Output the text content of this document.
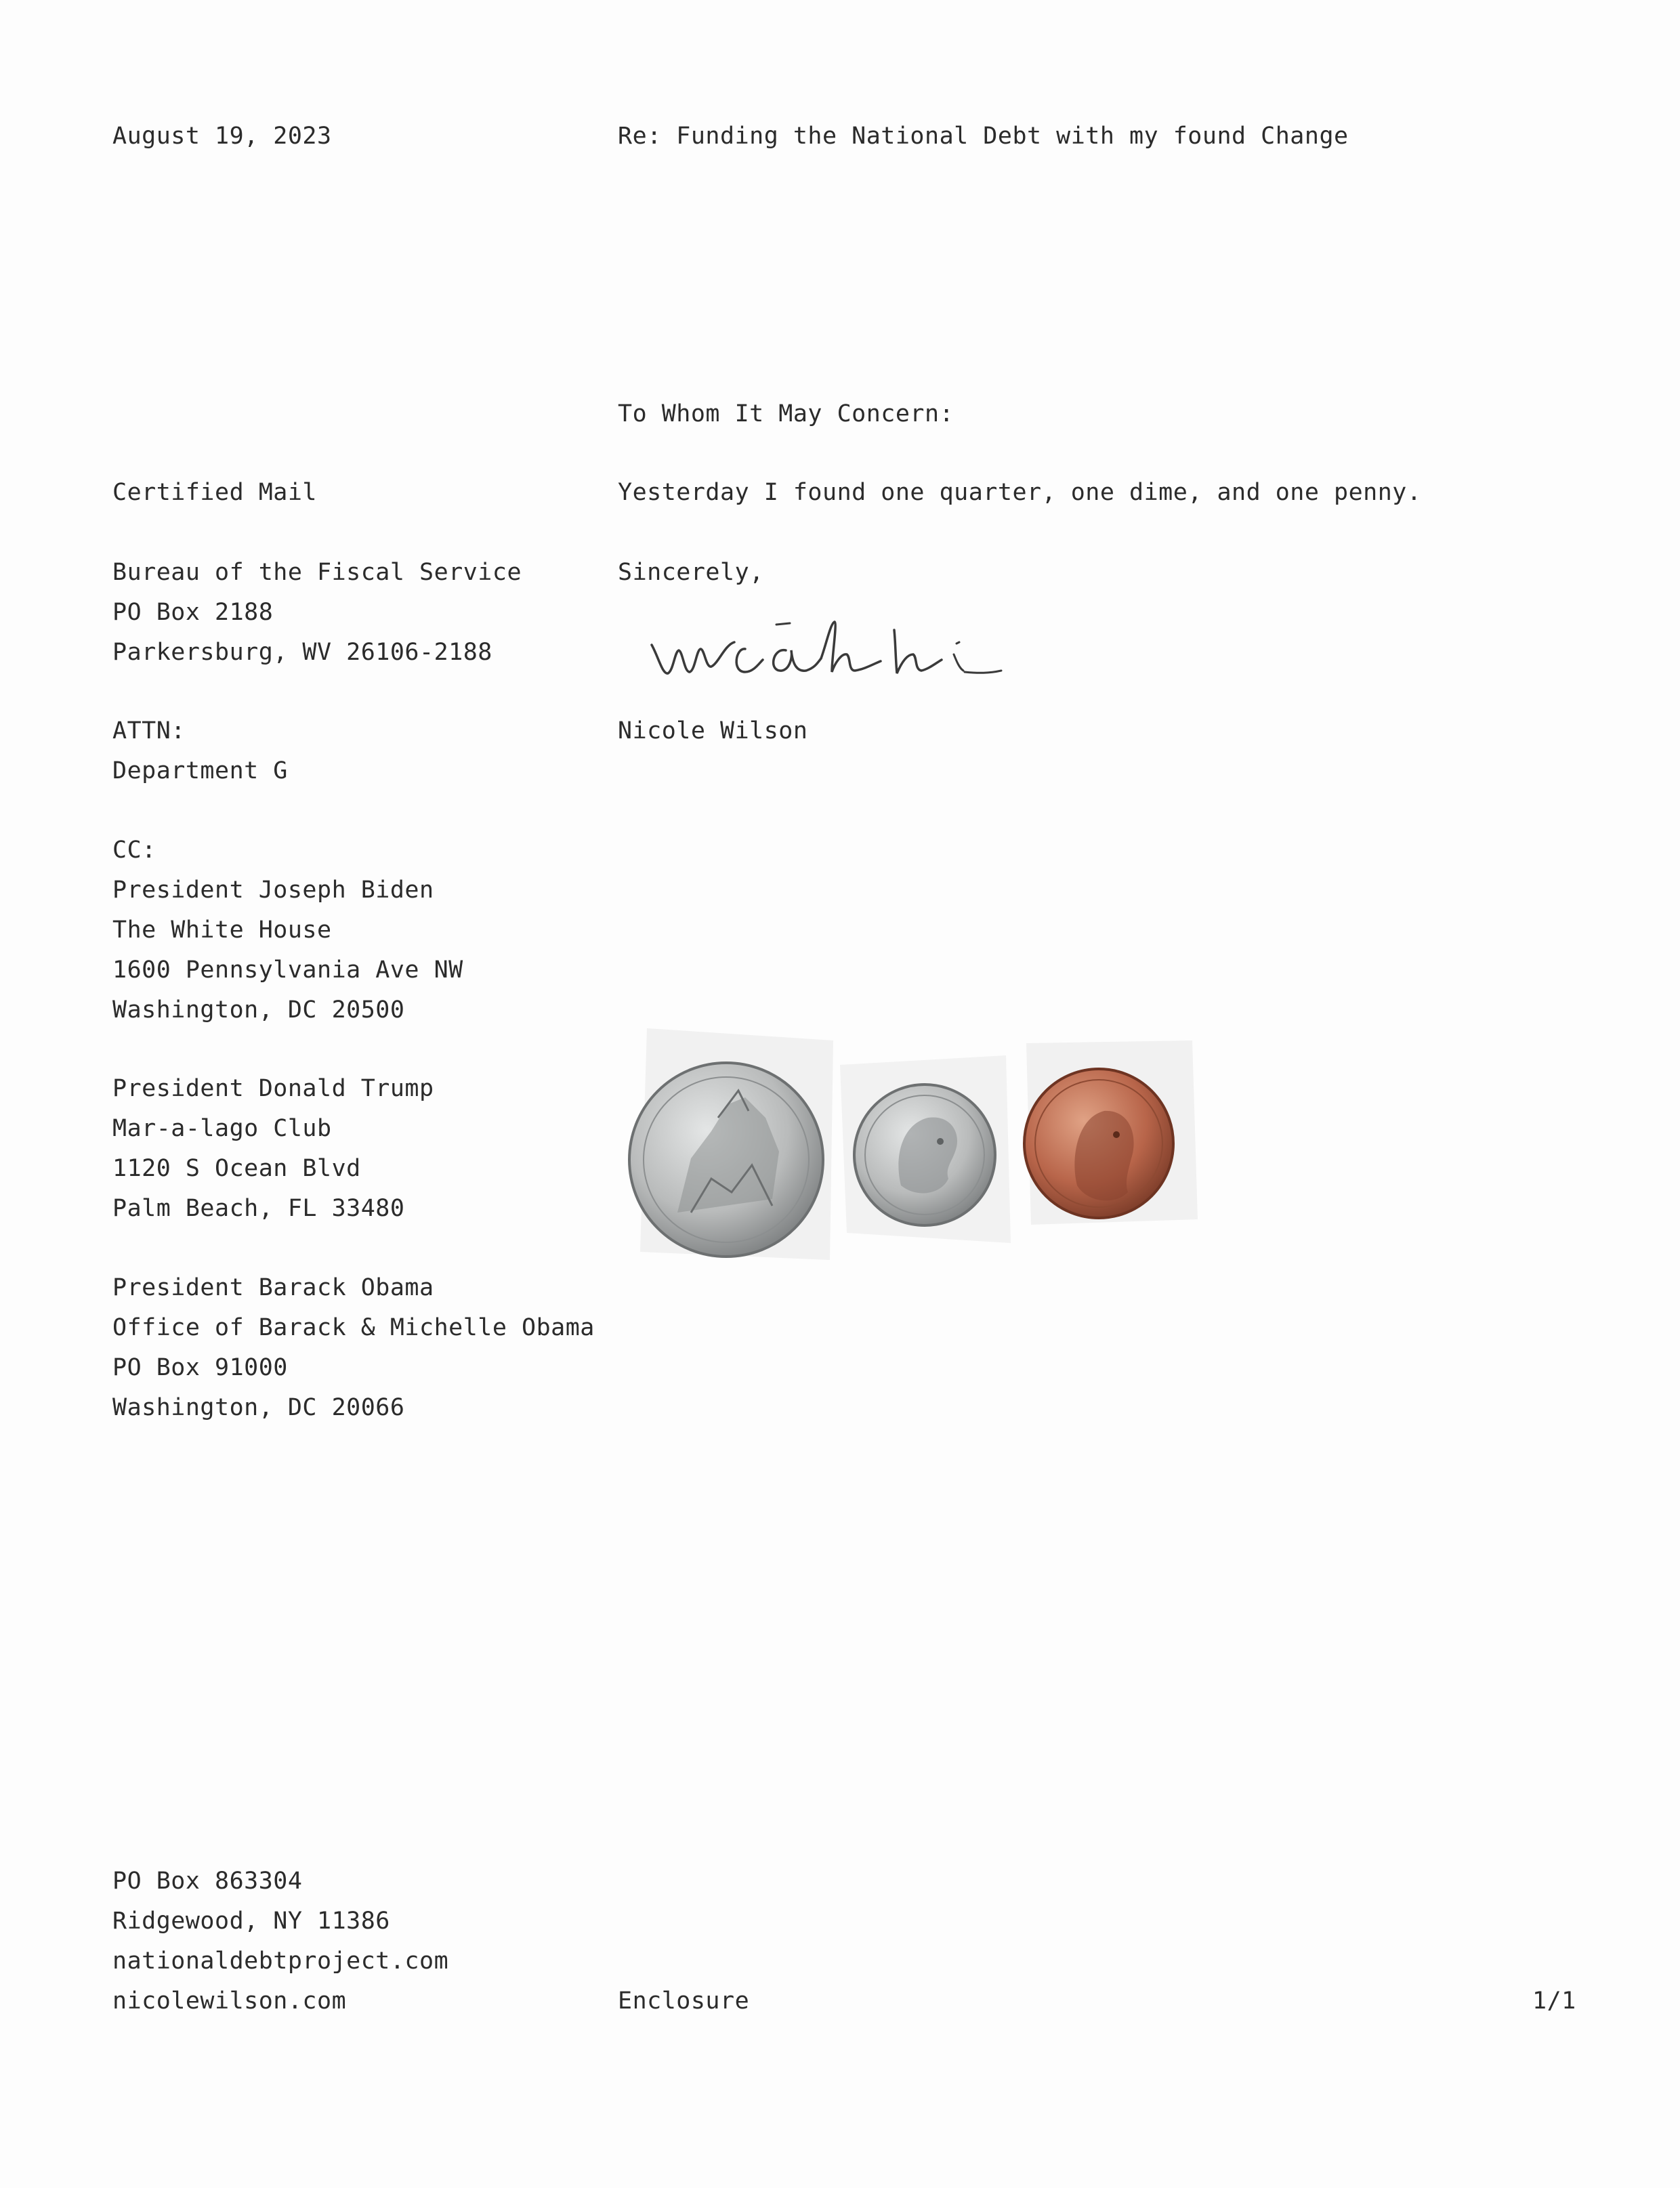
August 19, 2023	Re: Funding the National Debt with my found Change
To Whom It May Concern:
Yesterday I found one quarter, one dime, and one penny.
Sincerely,
Nicole Wilson
Certified Mail
Bureau of the Fiscal Service
PO Box 2188
Parkersburg, WV 26106-2188
ATTN:
Department G
CC:
President Joseph Biden
The White House
1600 Pennsylvania Ave NW
Washington, DC 20500
President Donald Trump
Mar-a-lago Club
1120 S Ocean Blvd
Palm Beach, FL 33480
President Barack Obama
Office of Barack & Michelle Obama
PO Box 91000
Washington, DC 20066
PO Box 863304
Ridgewood, NY 11386
nationaldebtproject.com
nicolewilson.com	Enclosure	1/1
